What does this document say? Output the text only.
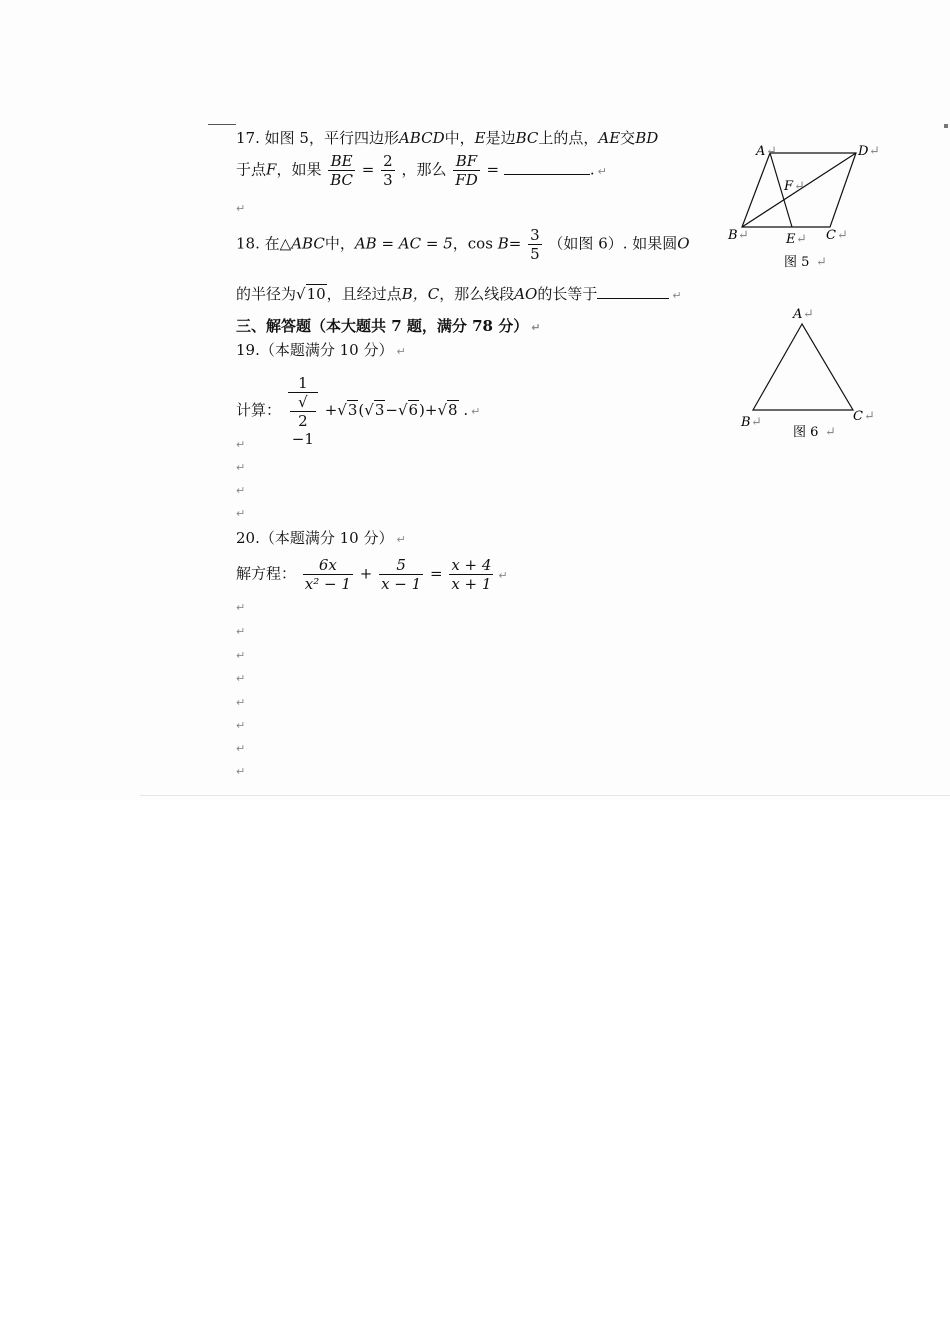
17. 如图 5，平行四边形ABCD中，E是边BC上的点，AE交BD
于点F，如果 $\frac{BE}{BC} = \frac{2}{3}$ ，那么 $\frac{BF}{FD}$ =	. ↵
↵
18. 在△ABC中，AB = AC = 5，$\cos B= \frac{3}{5}$ （如图 6）. 如果圆O
的半径为√10，且经过点B，C，那么线段AO的长等于	↵
三、解答题（本大题共 7 题，满分 78 分） ↵
19.（本题满分 10 分） ↵
计算： 1
√
2
−1 +√3(√3−√6)+√8 . ↵
↵
↵
↵
↵
20.（本题满分 10 分） ↵
解方程： $\frac{6x}{\text{x² − 1}} + \frac{5}{x - 1} = \frac{x + 4}{x + 1}$ ↵
↵
↵
↵
↵
↵
↵
↵
↵
A ↵	D ↵
F ↵
B ↵	E ↵ C ↵
图 5 ↵
A ↵
B ↵	C ↵
图 6 ↵
